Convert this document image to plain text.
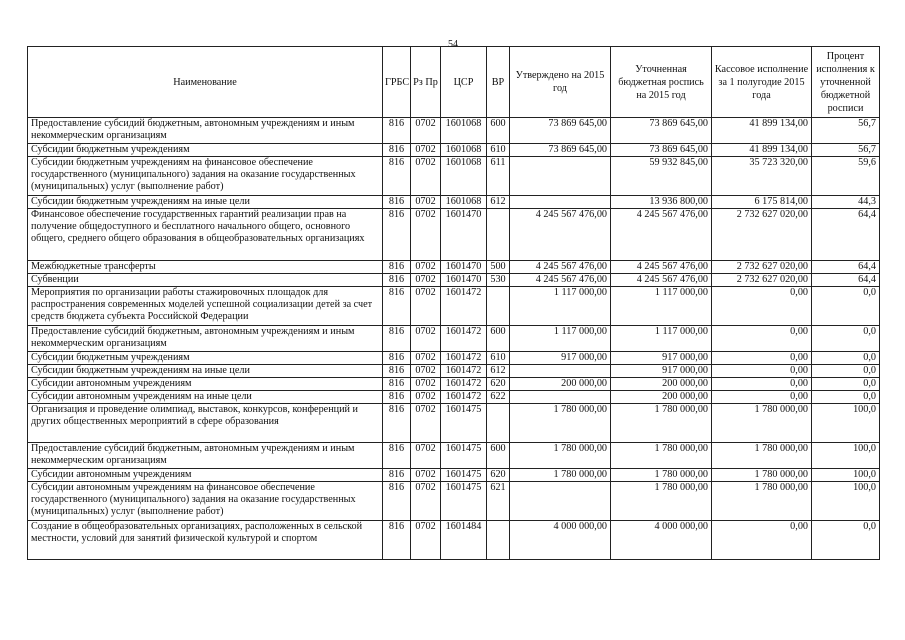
54
Наименование	ГРБС	Рз Пр	ЦСР	ВР	Утверждено на 2015 год	Уточненная бюджетная роспись на 2015 год	Кассовое исполнение за 1 полугодие 2015 года	Процент исполнения к уточненной бюджетной росписи
Предоставление субсидий бюджетным, автономным учреждениям и иным некоммерческим организациям	816	0702	1601068	600	73 869 645,00	73 869 645,00	41 899 134,00	56,7
Субсидии бюджетным учреждениям	816	0702	1601068	610	73 869 645,00	73 869 645,00	41 899 134,00	56,7
Субсидии бюджетным учреждениям на финансовое обеспечение государственного (муниципального) задания на оказание государственных (муниципальных) услуг (выполнение работ)	816	0702	1601068	611		59 932 845,00	35 723 320,00	59,6
Субсидии бюджетным учреждениям на иные цели	816	0702	1601068	612		13 936 800,00	6 175 814,00	44,3
Финансовое обеспечение государственных гарантий реализации прав на получение общедоступного и бесплатного начального общего, основного общего, среднего общего образования в общеобразовательных организациях	816	0702	1601470		4 245 567 476,00	4 245 567 476,00	2 732 627 020,00	64,4
Межбюджетные трансферты	816	0702	1601470	500	4 245 567 476,00	4 245 567 476,00	2 732 627 020,00	64,4
Субвенции	816	0702	1601470	530	4 245 567 476,00	4 245 567 476,00	2 732 627 020,00	64,4
Мероприятия по организации работы стажировочных площадок для распространения современных моделей успешной социализации детей за счет средств бюджета субъекта Российской Федерации	816	0702	1601472		1 117 000,00	1 117 000,00	0,00	0,0
Предоставление субсидий бюджетным, автономным учреждениям и иным некоммерческим организациям	816	0702	1601472	600	1 117 000,00	1 117 000,00	0,00	0,0
Субсидии бюджетным учреждениям	816	0702	1601472	610	917 000,00	917 000,00	0,00	0,0
Субсидии бюджетным учреждениям на иные цели	816	0702	1601472	612		917 000,00	0,00	0,0
Субсидии автономным учреждениям	816	0702	1601472	620	200 000,00	200 000,00	0,00	0,0
Субсидии автономным учреждениям на иные цели	816	0702	1601472	622		200 000,00	0,00	0,0
Организация и проведение олимпиад, выставок, конкурсов, конференций и других общественных мероприятий в сфере образования	816	0702	1601475		1 780 000,00	1 780 000,00	1 780 000,00	100,0
Предоставление субсидий бюджетным, автономным учреждениям и иным некоммерческим организациям	816	0702	1601475	600	1 780 000,00	1 780 000,00	1 780 000,00	100,0
Субсидии автономным учреждениям	816	0702	1601475	620	1 780 000,00	1 780 000,00	1 780 000,00	100,0
Субсидии автономным учреждениям на финансовое обеспечение государственного (муниципального) задания на оказание государственных (муниципальных) услуг (выполнение работ)	816	0702	1601475	621		1 780 000,00	1 780 000,00	100,0
Создание в общеобразовательных организациях, расположенных в сельской местности, условий для занятий физической культурой и спортом	816	0702	1601484		4 000 000,00	4 000 000,00	0,00	0,0
